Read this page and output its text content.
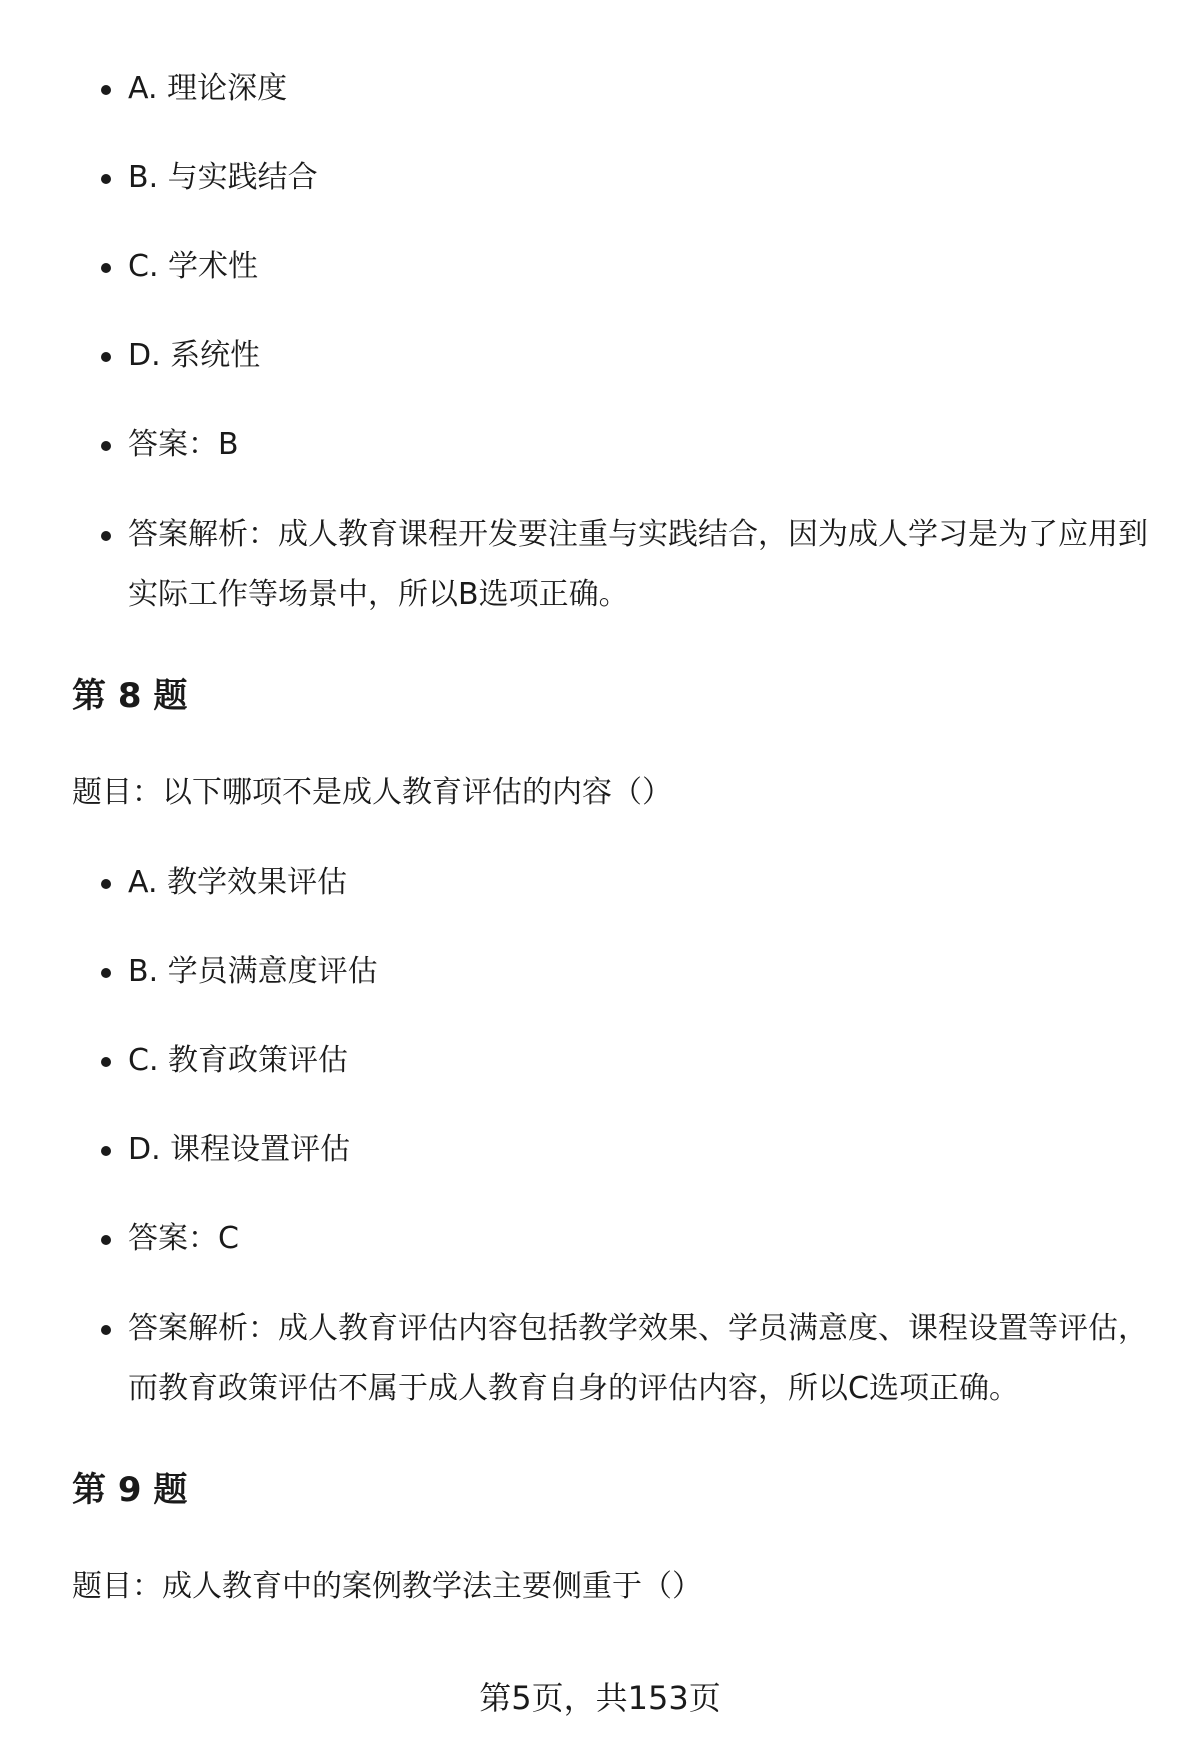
A. 理论深度
B. 与实践结合
C. 学术性
D. 系统性
答案：B
答案解析：成人教育课程开发要注重与实践结合，因为成人学习是为了应用到实际工作等场景中，所以B选项正确。
第 8 题

题目：以下哪项不是成人教育评估的内容（）

A. 教学效果评估
B. 学员满意度评估
C. 教育政策评估
D. 课程设置评估
答案：C
答案解析：成人教育评估内容包括教学效果、学员满意度、课程设置等评估，而教育政策评估不属于成人教育自身的评估内容，所以C选项正确。
第 9 题

题目：成人教育中的案例教学法主要侧重于（）

第5页，共153页
